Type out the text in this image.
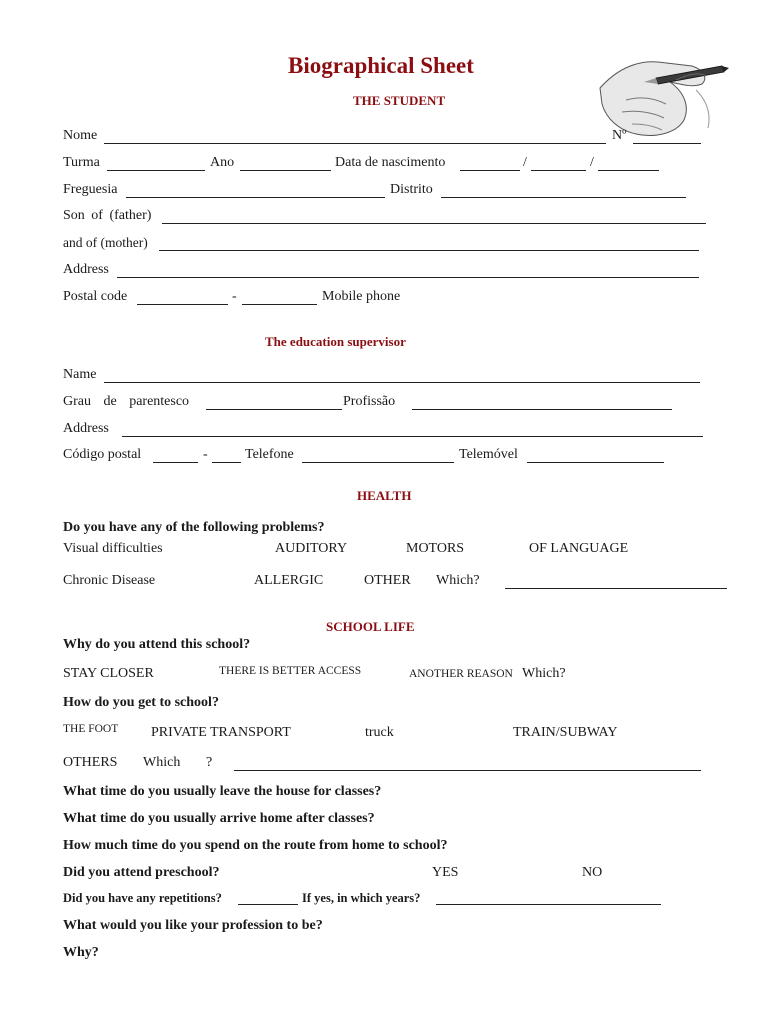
Biographical Sheet
THE STUDENT
Nome	Nº
Turma	Ano	Data de nascimento	/	/
Freguesia	Distrito
Son of (father)
and of (mother)
Address
Postal code	-	Mobile phone
The education supervisor
Name
Grau de parentesco	Profissão
Address
Código postal	-	Telefone	Telemóvel
HEALTH
Do you have any of the following problems?
Visual difficulties	AUDITORY	MOTORS	OF LANGUAGE
Chronic Disease	ALLERGIC	OTHER Which?
SCHOOL LIFE
Why do you attend this school?
STAY CLOSER	THERE IS BETTER ACCESS	ANOTHER REASON Which?
How do you get to school?
THE FOOT PRIVATE TRANSPORT	truck	TRAIN/SUBWAY
OTHERS Which ?
What time do you usually leave the house for classes?
What time do you usually arrive home after classes?
How much time do you spend on the route from home to school?
Did you attend preschool?	YES	NO
Did you have any repetitions?	If yes, in which years?
What would you like your profession to be?
Why?
